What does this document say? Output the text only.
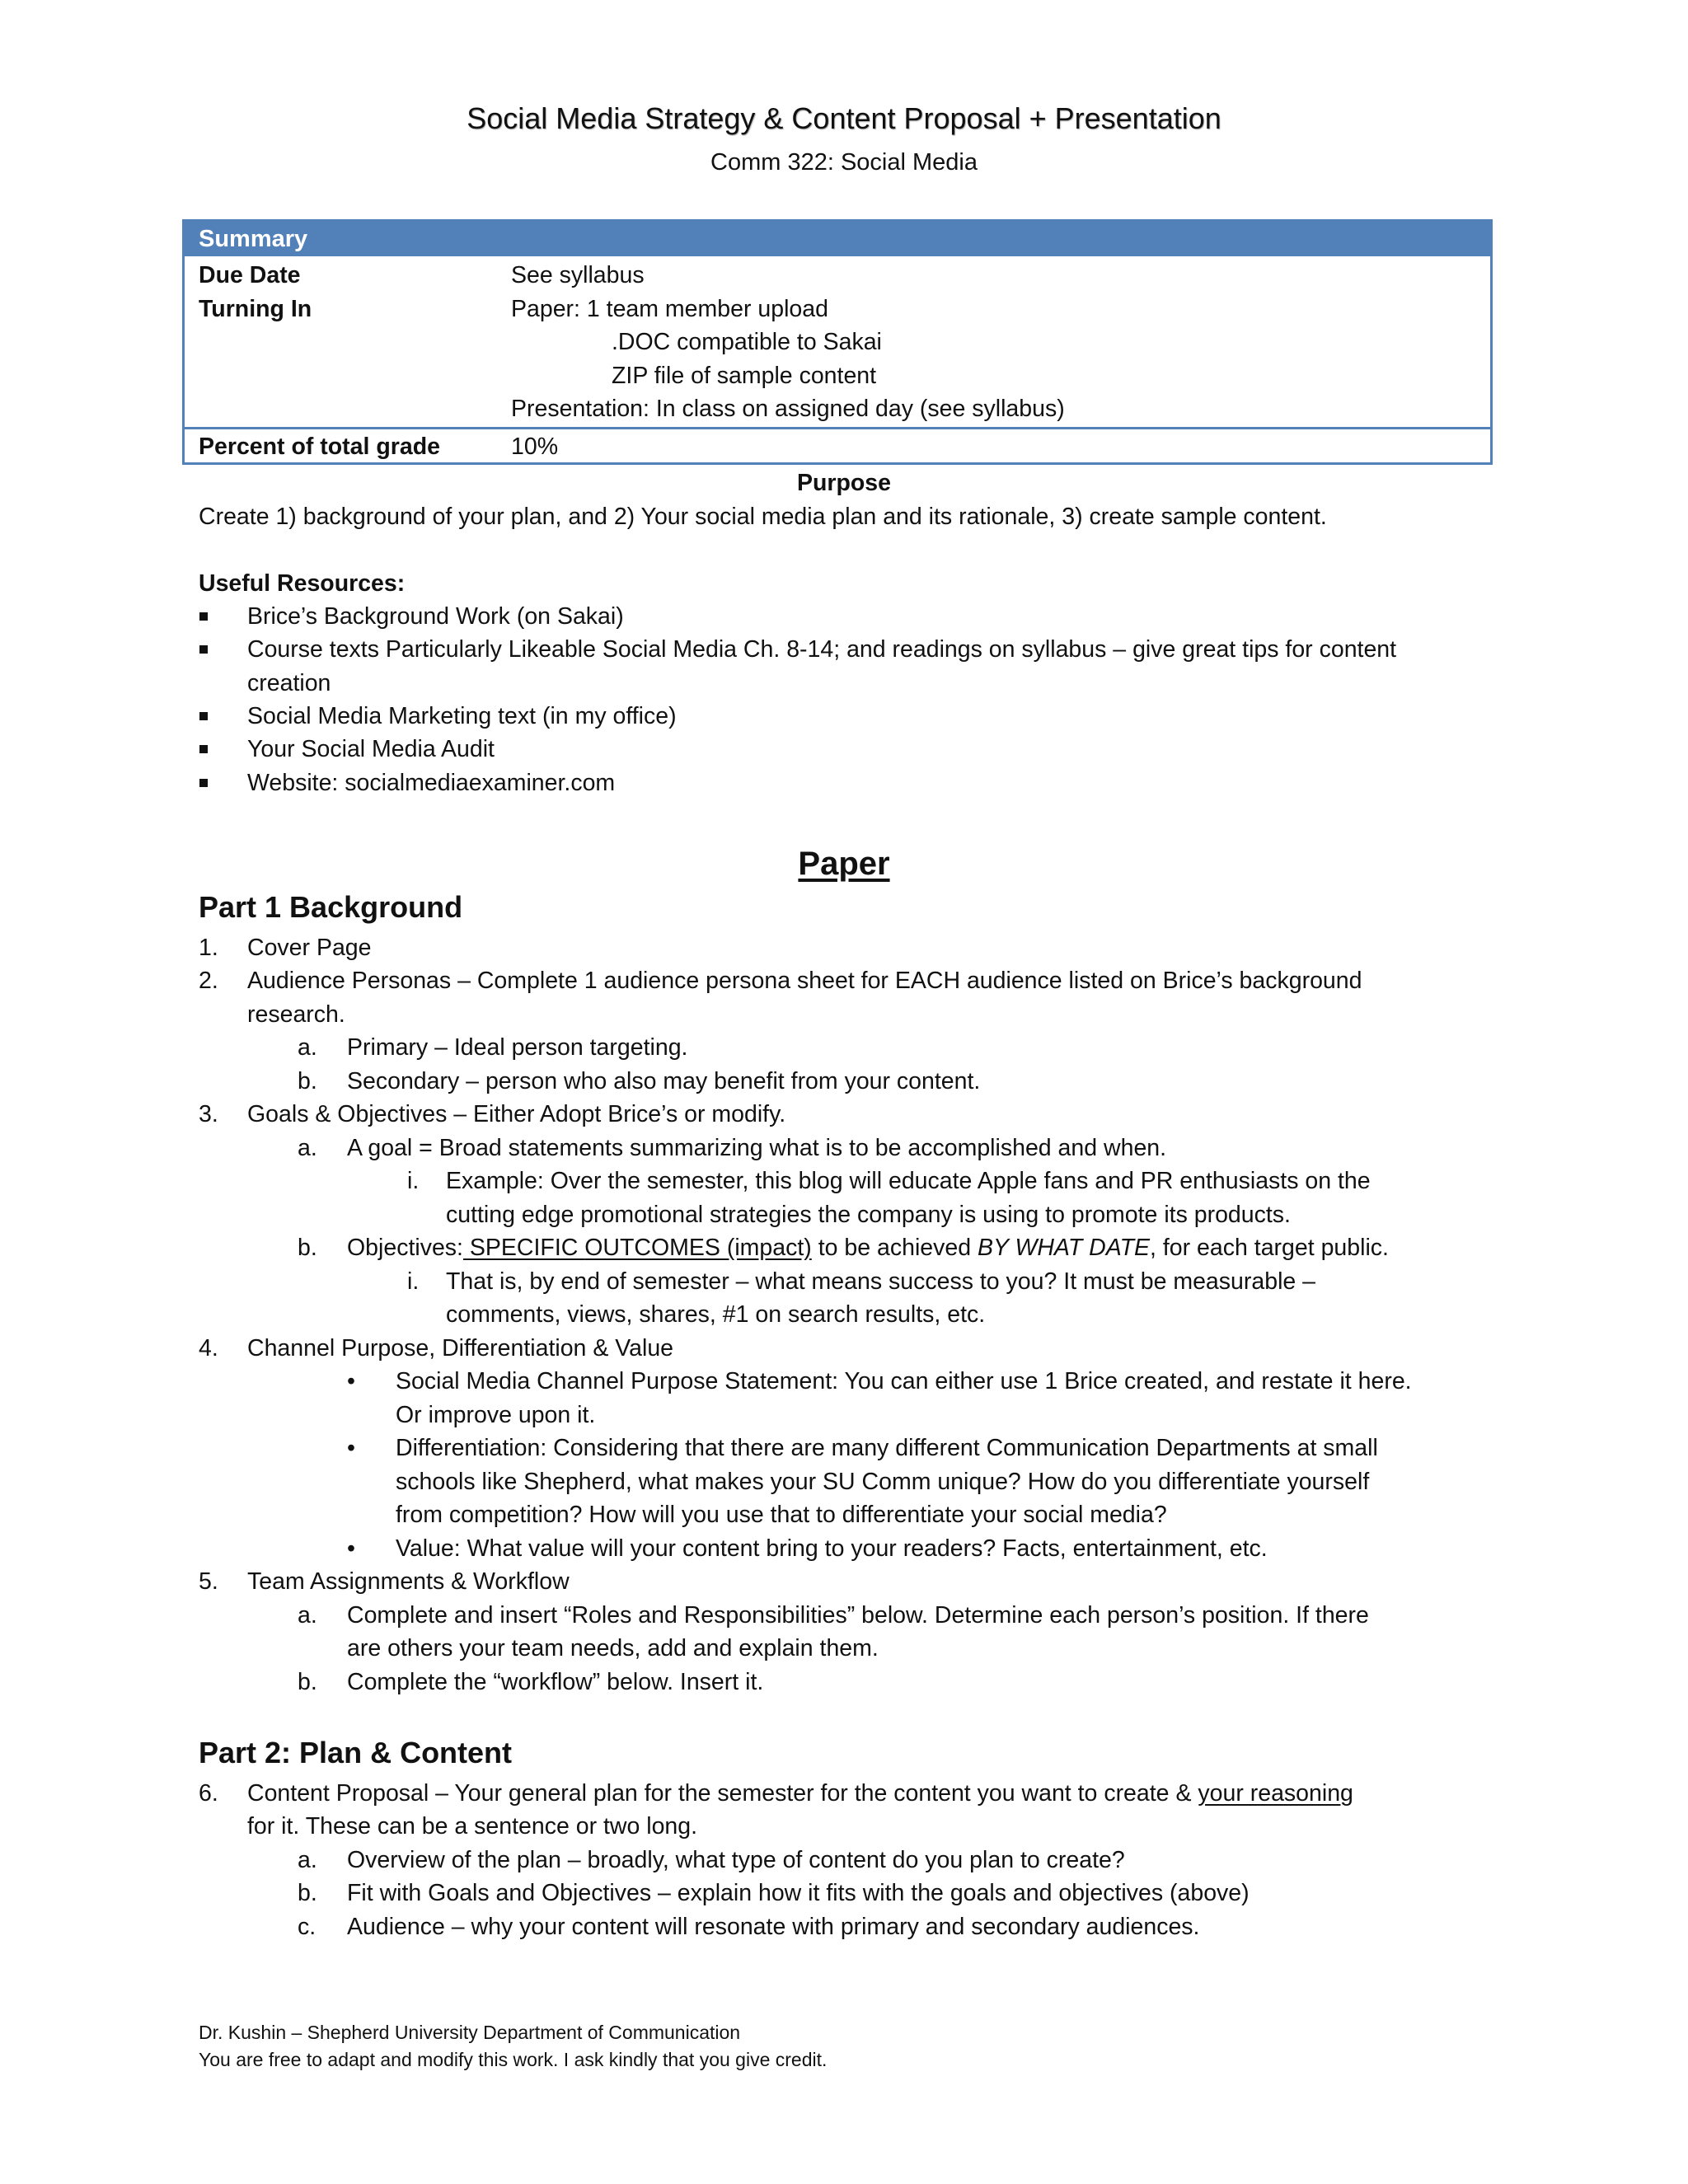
Social Media Strategy & Content Proposal + Presentation
Comm 322: Social Media
Summary
Due Date	See syllabus
Turning In	Paper: 1 team member upload
.DOC compatible to Sakai
ZIP file of sample content
Presentation: In class on assigned day (see syllabus)
Percent of total grade	10%
Purpose
Create 1) background of your plan, and 2) Your social media plan and its rationale, 3) create sample content.
Useful Resources:
Brice’s Background Work (on Sakai)
Course texts Particularly Likeable Social Media Ch. 8-14; and readings on syllabus – give great tips for content
creation
Social Media Marketing text (in my office)
Your Social Media Audit
Website: socialmediaexaminer.com
Paper
Part 1 Background
1.	Cover Page
2.	Audience Personas – Complete 1 audience persona sheet for EACH audience listed on Brice’s background
research.
a.	Primary – Ideal person targeting.
b.	Secondary – person who also may benefit from your content.
3.	Goals & Objectives – Either Adopt Brice’s or modify.
a.	A goal = Broad statements summarizing what is to be accomplished and when.
i.	Example: Over the semester, this blog will educate Apple fans and PR enthusiasts on the
cutting edge promotional strategies the company is using to promote its products.
b.	Objectives: SPECIFIC OUTCOMES (impact) to be achieved BY WHAT DATE, for each target public.
i.	That is, by end of semester – what means success to you? It must be measurable –
comments, views, shares, #1 on search results, etc.
4.	Channel Purpose, Differentiation & Value
•	Social Media Channel Purpose Statement: You can either use 1 Brice created, and restate it here.
Or improve upon it.
•	Differentiation: Considering that there are many different Communication Departments at small
schools like Shepherd, what makes your SU Comm unique? How do you differentiate yourself
from competition? How will you use that to differentiate your social media?
•	Value: What value will your content bring to your readers? Facts, entertainment, etc.
5.	Team Assignments & Workflow
a.	Complete and insert “Roles and Responsibilities” below. Determine each person’s position. If there
are others your team needs, add and explain them.
b.	Complete the “workflow” below. Insert it.
Part 2: Plan & Content
6.	Content Proposal – Your general plan for the semester for the content you want to create & your reasoning
for it. These can be a sentence or two long.
a.	Overview of the plan – broadly, what type of content do you plan to create?
b.	Fit with Goals and Objectives – explain how it fits with the goals and objectives (above)
c.	Audience – why your content will resonate with primary and secondary audiences.
Dr. Kushin – Shepherd University Department of Communication
You are free to adapt and modify this work. I ask kindly that you give credit.
